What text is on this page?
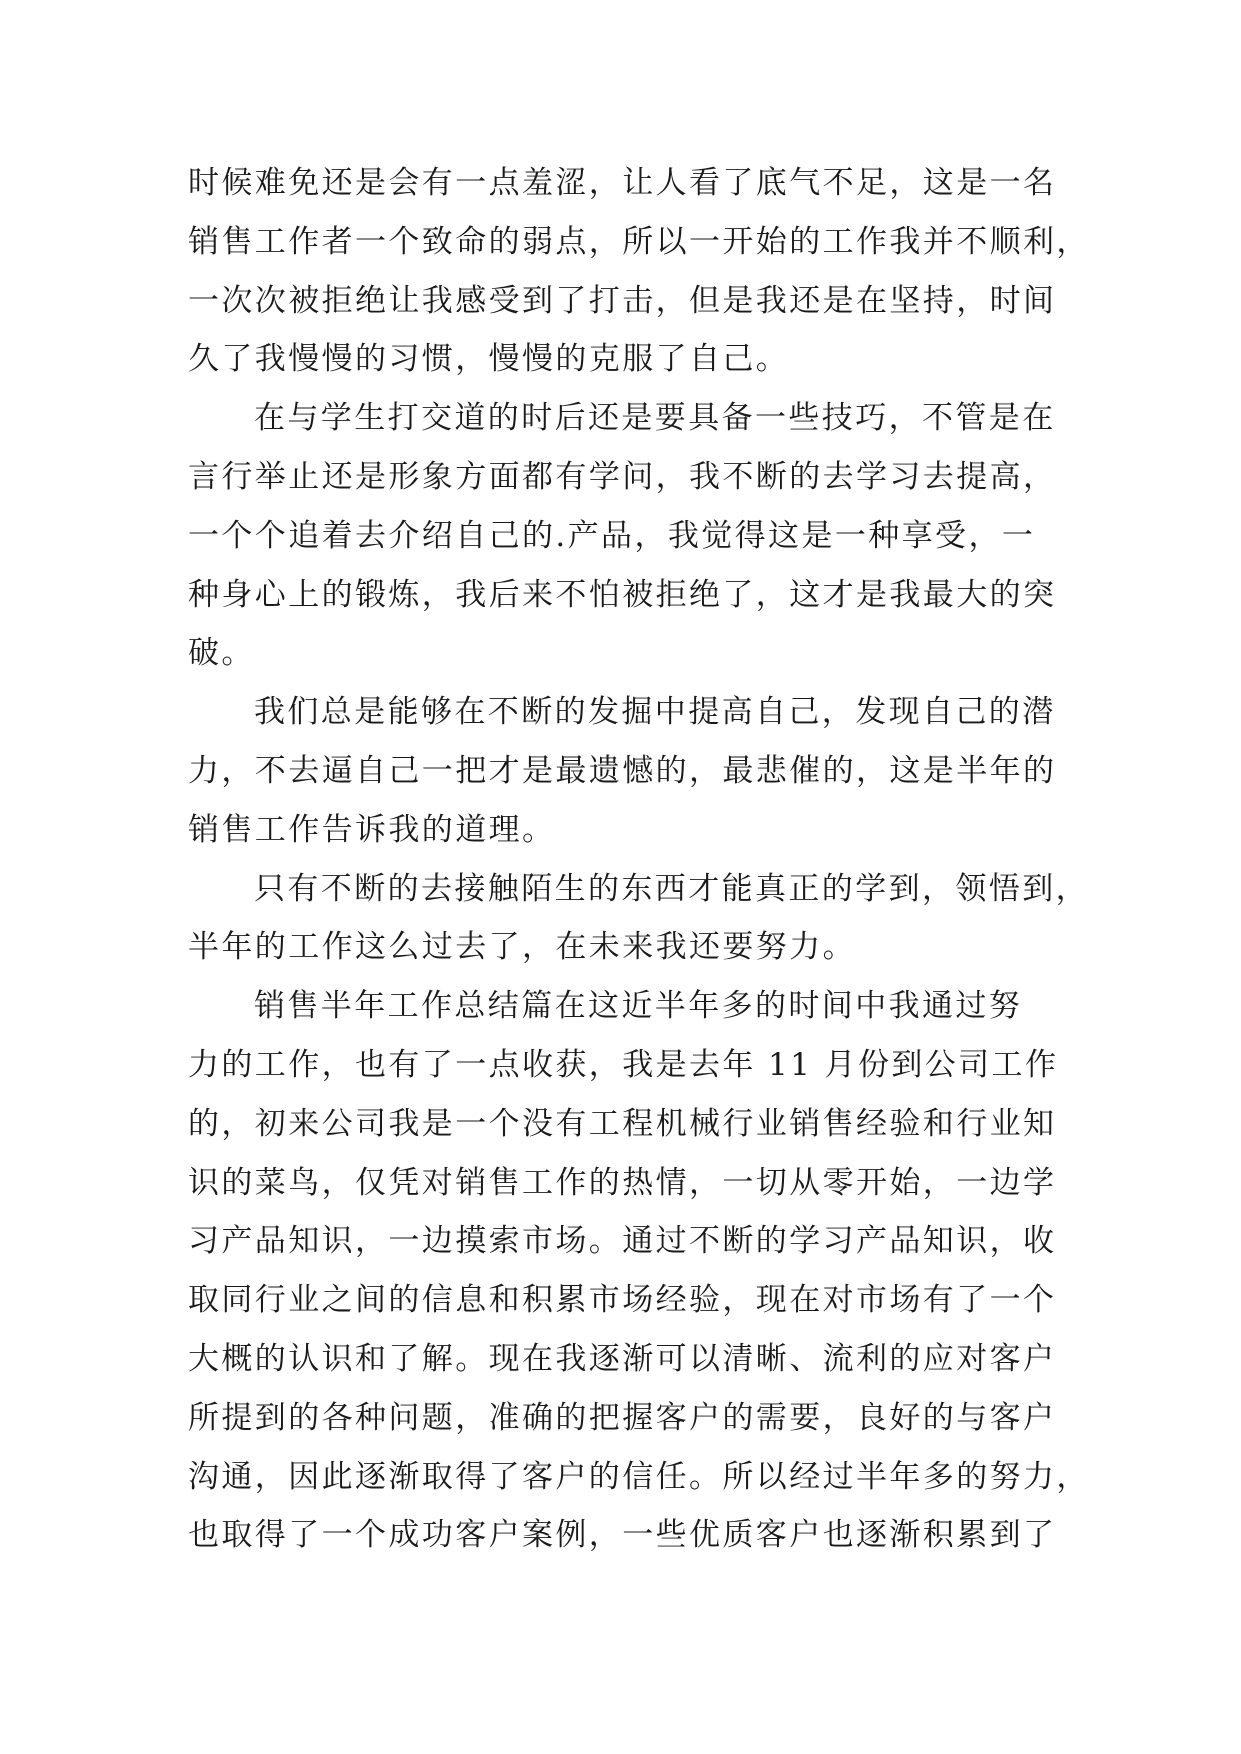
时候难免还是会有一点羞涩，让人看了底气不足，这是一名
销售工作者一个致命的弱点，所以一开始的工作我并不顺利，
一次次被拒绝让我感受到了打击，但是我还是在坚持，时间
久了我慢慢的习惯，慢慢的克服了自己。
在与学生打交道的时后还是要具备一些技巧，不管是在
言行举止还是形象方面都有学问，我不断的去学习去提高，
一个个追着去介绍自己的.产品，我觉得这是一种享受，一
种身心上的锻炼，我后来不怕被拒绝了，这才是我最大的突
破。
我们总是能够在不断的发掘中提高自己，发现自己的潜
力，不去逼自己一把才是最遗憾的，最悲催的，这是半年的
销售工作告诉我的道理。
只有不断的去接触陌生的东西才能真正的学到，领悟到，
半年的工作这么过去了，在未来我还要努力。
销售半年工作总结篇在这近半年多的时间中我通过努
力的工作，也有了一点收获，我是去年 11 月份到公司工作
的，初来公司我是一个没有工程机械行业销售经验和行业知
识的菜鸟，仅凭对销售工作的热情，一切从零开始，一边学
习产品知识，一边摸索市场。通过不断的学习产品知识，收
取同行业之间的信息和积累市场经验，现在对市场有了一个
大概的认识和了解。现在我逐渐可以清晰、流利的应对客户
所提到的各种问题，准确的把握客户的需要，良好的与客户
沟通，因此逐渐取得了客户的信任。所以经过半年多的努力，
也取得了一个成功客户案例，一些优质客户也逐渐积累到了
